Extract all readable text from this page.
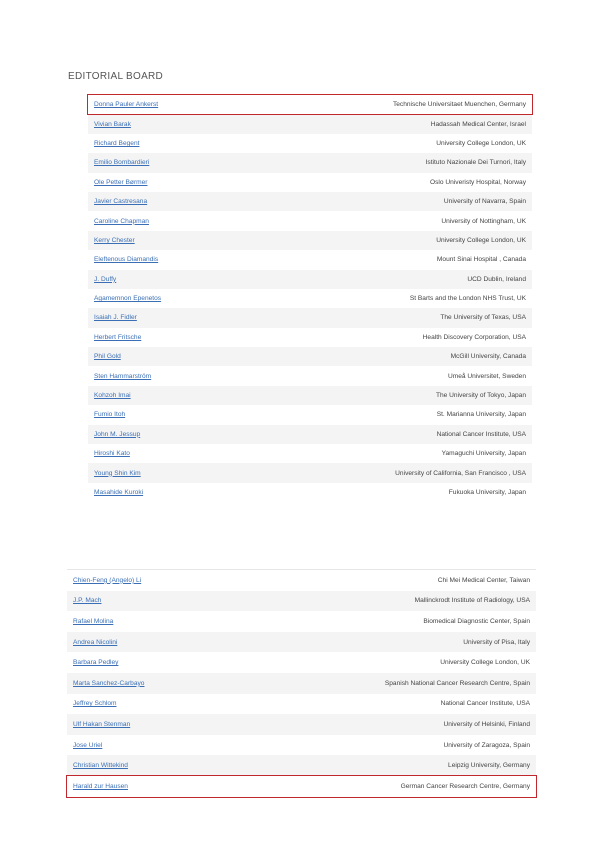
EDITORIAL BOARD
Donna Pauler Ankerst	Technische Universitaet Muenchen, Germany
Vivian Barak	Hadassah Medical Center, Israel
Richard Begent	University College London, UK
Emilio Bombardieri	Istituto Nazionale Dei Turnori, Italy
Ole Petter Børmer	Oslo Univeristy Hospital, Norway
Javier Castresana	University of Navarra, Spain
Caroline Chapman	University of Nottingham, UK
Kerry Chester	University College London, UK
Eleftenous Diamandis	Mount Sinai Hospital , Canada
J. Duffy	UCD Dublin, Ireland
Agamemnon Epenetos	St Barts and the London NHS Trust, UK
Isaiah J. Fidler	The University of Texas, USA
Herbert Fritsche	Health Discovery Corporation, USA
Phil Gold	McGill University, Canada
Sten Hammarström	Umeå Universitet, Sweden
Kohzoh Imai	The University of Tokyo, Japan
Fumio Itoh	St. Marianna University, Japan
John M. Jessup	National Cancer Institute, USA
Hiroshi Kato	Yamaguchi University, Japan
Young Shin Kim	University of California, San Francisco , USA
Masahide Kuroki	Fukuoka University, Japan
Chien-Feng (Angelo) Li	Chi Mei Medical Center, Taiwan
J.P. Mach	Mallinckrodt Institute of Radiology, USA
Rafael Molina	Biomedical Diagnostic Center, Spain
Andrea Nicolini	University of Pisa, Italy
Barbara Pedley	University College London, UK
Marta Sanchez-Carbayo	Spanish National Cancer Research Centre, Spain
Jeffrey Schlom	National Cancer Institute, USA
Ulf Hakan Stenman	University of Helsinki, Finland
Jose Uriel	University of Zaragoza, Spain
Christian Wittekind	Leipzig University, Germany
Harald zur Hausen	German Cancer Research Centre, Germany
